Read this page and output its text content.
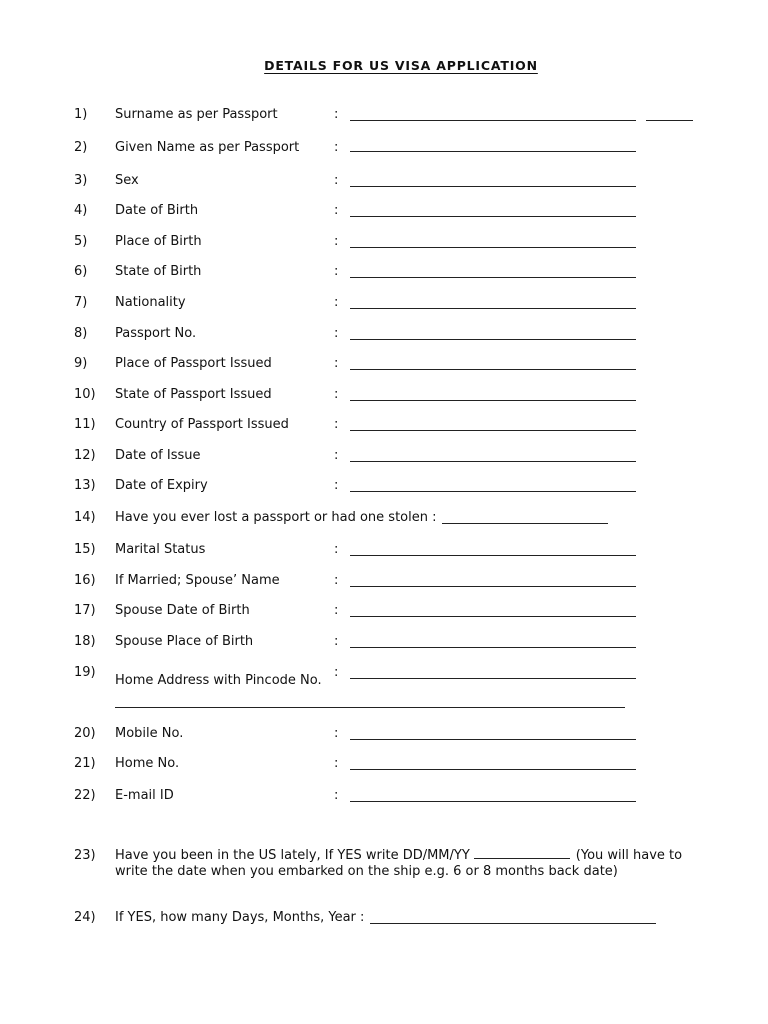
DETAILS FOR US VISA APPLICATION
1) Surname as per Passport	:
2) Given Name as per Passport	:
3) Sex	:
4) Date of Birth	:
5) Place of Birth	:
6) State of Birth	:
7) Nationality	:
8) Passport No.	:
9) Place of Passport Issued	:
10) State of Passport Issued	:
11) Country of Passport Issued	:
12) Date of Issue	:
13) Date of Expiry	:
14) Have you ever lost a passport or had one stolen :
15) Marital Status	:
16) If Married; Spouse’ Name	:
17) Spouse Date of Birth	:
18) Spouse Place of Birth	:
19)
Home Address with Pincode No.
:
20) Mobile No.	:
21) Home No.	:
22) E-mail ID	:
23) Have you been in the US lately, If YES write DD/MM/YY	(You will have to write the date when you embarked on the ship e.g. 6 or 8 months back date)
24) If YES, how many Days, Months, Year :
